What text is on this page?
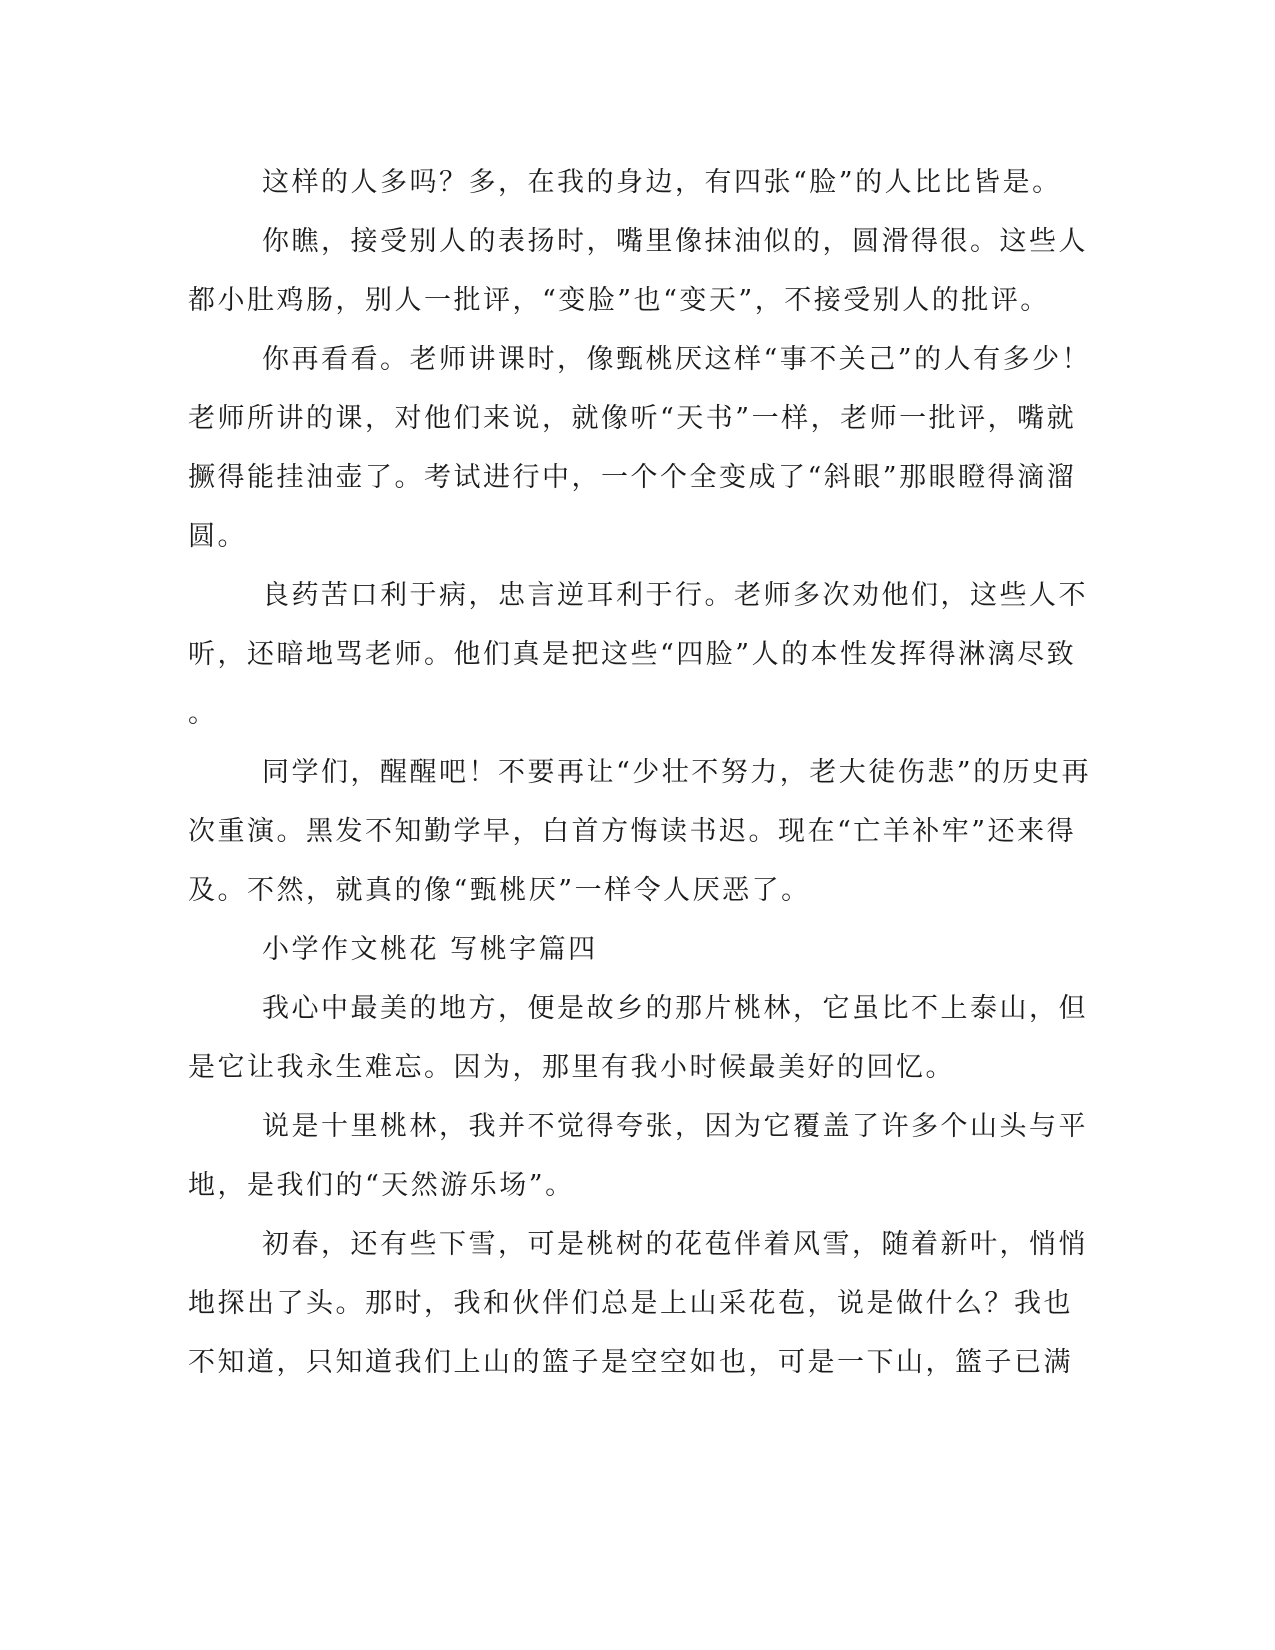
这样的人多吗？多，在我的身边，有四张“脸”的人比比皆是。

你瞧，接受别人的表扬时，嘴里像抹油似的，圆滑得很。这些人

都小肚鸡肠，别人一批评，“变脸”也“变天”，不接受别人的批评。

你再看看。老师讲课时，像甄桃厌这样“事不关己”的人有多少！

老师所讲的课，对他们来说，就像听“天书”一样，老师一批评，嘴就

撅得能挂油壶了。考试进行中，一个个全变成了“斜眼”那眼瞪得滴溜

圆。

良药苦口利于病，忠言逆耳利于行。老师多次劝他们，这些人不

听，还暗地骂老师。他们真是把这些“四脸”人的本性发挥得淋漓尽致

。

同学们，醒醒吧！不要再让“少壮不努力，老大徒伤悲”的历史再

次重演。黑发不知勤学早，白首方悔读书迟。现在“亡羊补牢”还来得

及。不然，就真的像“甄桃厌”一样令人厌恶了。

小学作文桃花 写桃字篇四

我心中最美的地方，便是故乡的那片桃林，它虽比不上泰山，但

是它让我永生难忘。因为，那里有我小时候最美好的回忆。

说是十里桃林，我并不觉得夸张，因为它覆盖了许多个山头与平

地，是我们的“天然游乐场”。

初春，还有些下雪，可是桃树的花苞伴着风雪，随着新叶，悄悄

地探出了头。那时，我和伙伴们总是上山采花苞，说是做什么？我也

不知道，只知道我们上山的篮子是空空如也，可是一下山，篮子已满
